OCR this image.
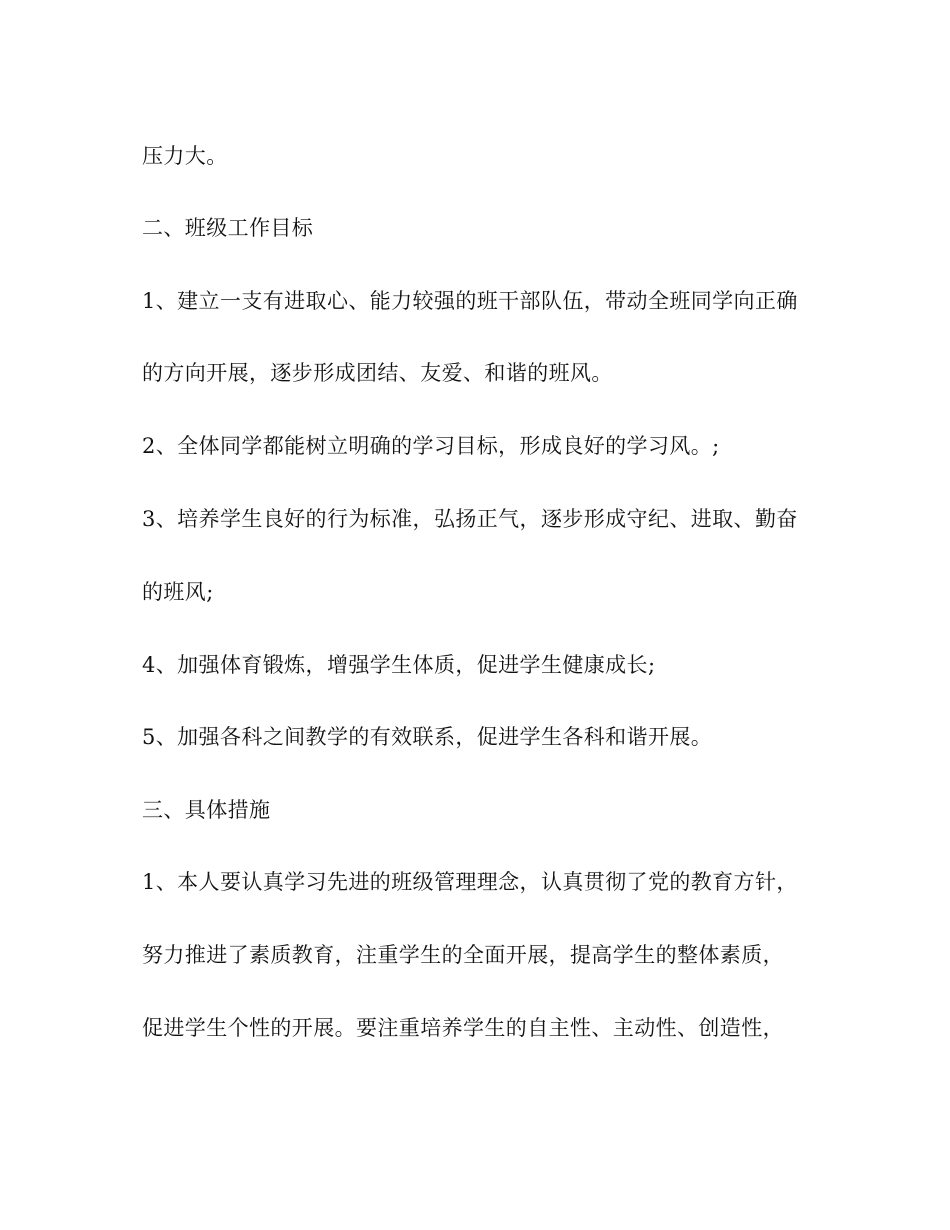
压力大。
二、班级工作目标
1、建立一支有进取心、能力较强的班干部队伍，带动全班同学向正确
的方向开展，逐步形成团结、友爱、和谐的班风。
2、全体同学都能树立明确的学习目标，形成良好的学习风。;
3、培养学生良好的行为标准，弘扬正气，逐步形成守纪、进取、勤奋
的班风;
4、加强体育锻炼，增强学生体质，促进学生健康成长;
5、加强各科之间教学的有效联系，促进学生各科和谐开展。
三、具体措施
1、本人要认真学习先进的班级管理理念，认真贯彻了党的教育方针，
努力推进了素质教育，注重学生的全面开展，提高学生的整体素质，
促进学生个性的开展。要注重培养学生的自主性、主动性、创造性，
